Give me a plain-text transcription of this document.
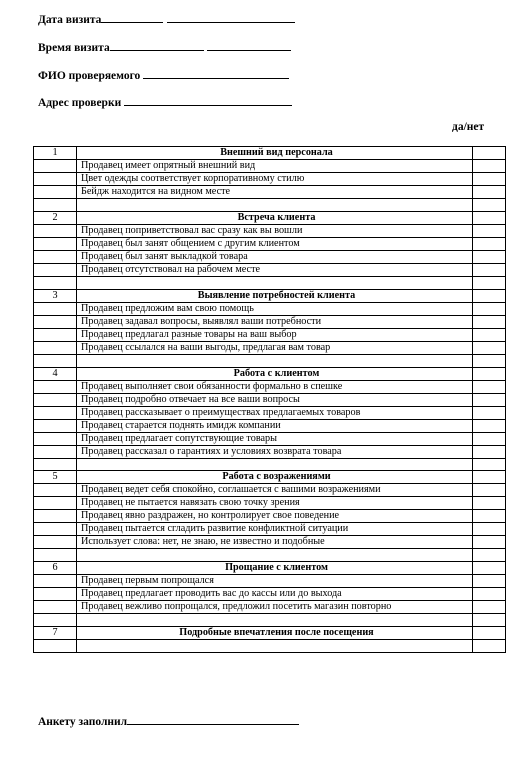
Дата визита
Время визита
ФИО проверяемого
Адрес проверки
да/нет
1	Внешний вид персонала	
	Продавец имеет опрятный внешний вид	
	Цвет одежды соответствует корпоративному стилю	
	Бейдж находится на видном месте	

2	Встреча клиента	
	Продавец поприветствовал вас сразу как вы вошли	
	Продавец был занят общением с другим клиентом	
	Продавец был занят выкладкой товара	
	Продавец отсутствовал на рабочем месте	

3	Выявление потребностей клиента	
	Продавец предложим вам свою помощь	
	Продавец задавал вопросы, выявлял ваши потребности	
	Продавец предлагал разные товары на ваш выбор	
	Продавец ссылался на ваши выгоды, предлагая вам товар	

4	Работа с клиентом	
	Продавец выполняет свои обязанности формально в спешке	
	Продавец подробно отвечает на все ваши вопросы	
	Продавец рассказывает о преимуществах предлагаемых товаров	
	Продавец старается поднять имидж компании	
	Продавец предлагает сопутствующие товары	
	Продавец рассказал о гарантиях и условиях возврата товара	

5	Работа с возражениями	
	Продавец ведет себя спокойно, соглашается с вашими возражениями	
	Продавец не пытается навязать свою точку зрения	
	Продавец явно раздражен, но контролирует свое поведение	
	Продавец пытается сгладить развитие конфликтной ситуации	
	Использует слова: нет, не знаю, не известно и подобные	

6	Прощание с клиентом	
	Продавец первым попрощался	
	Продавец предлагает проводить вас до кассы или до выхода	
	Продавец вежливо попрощался, предложил посетить магазин повторно	

7	Подробные впечатления после посещения	

Анкету заполнил
